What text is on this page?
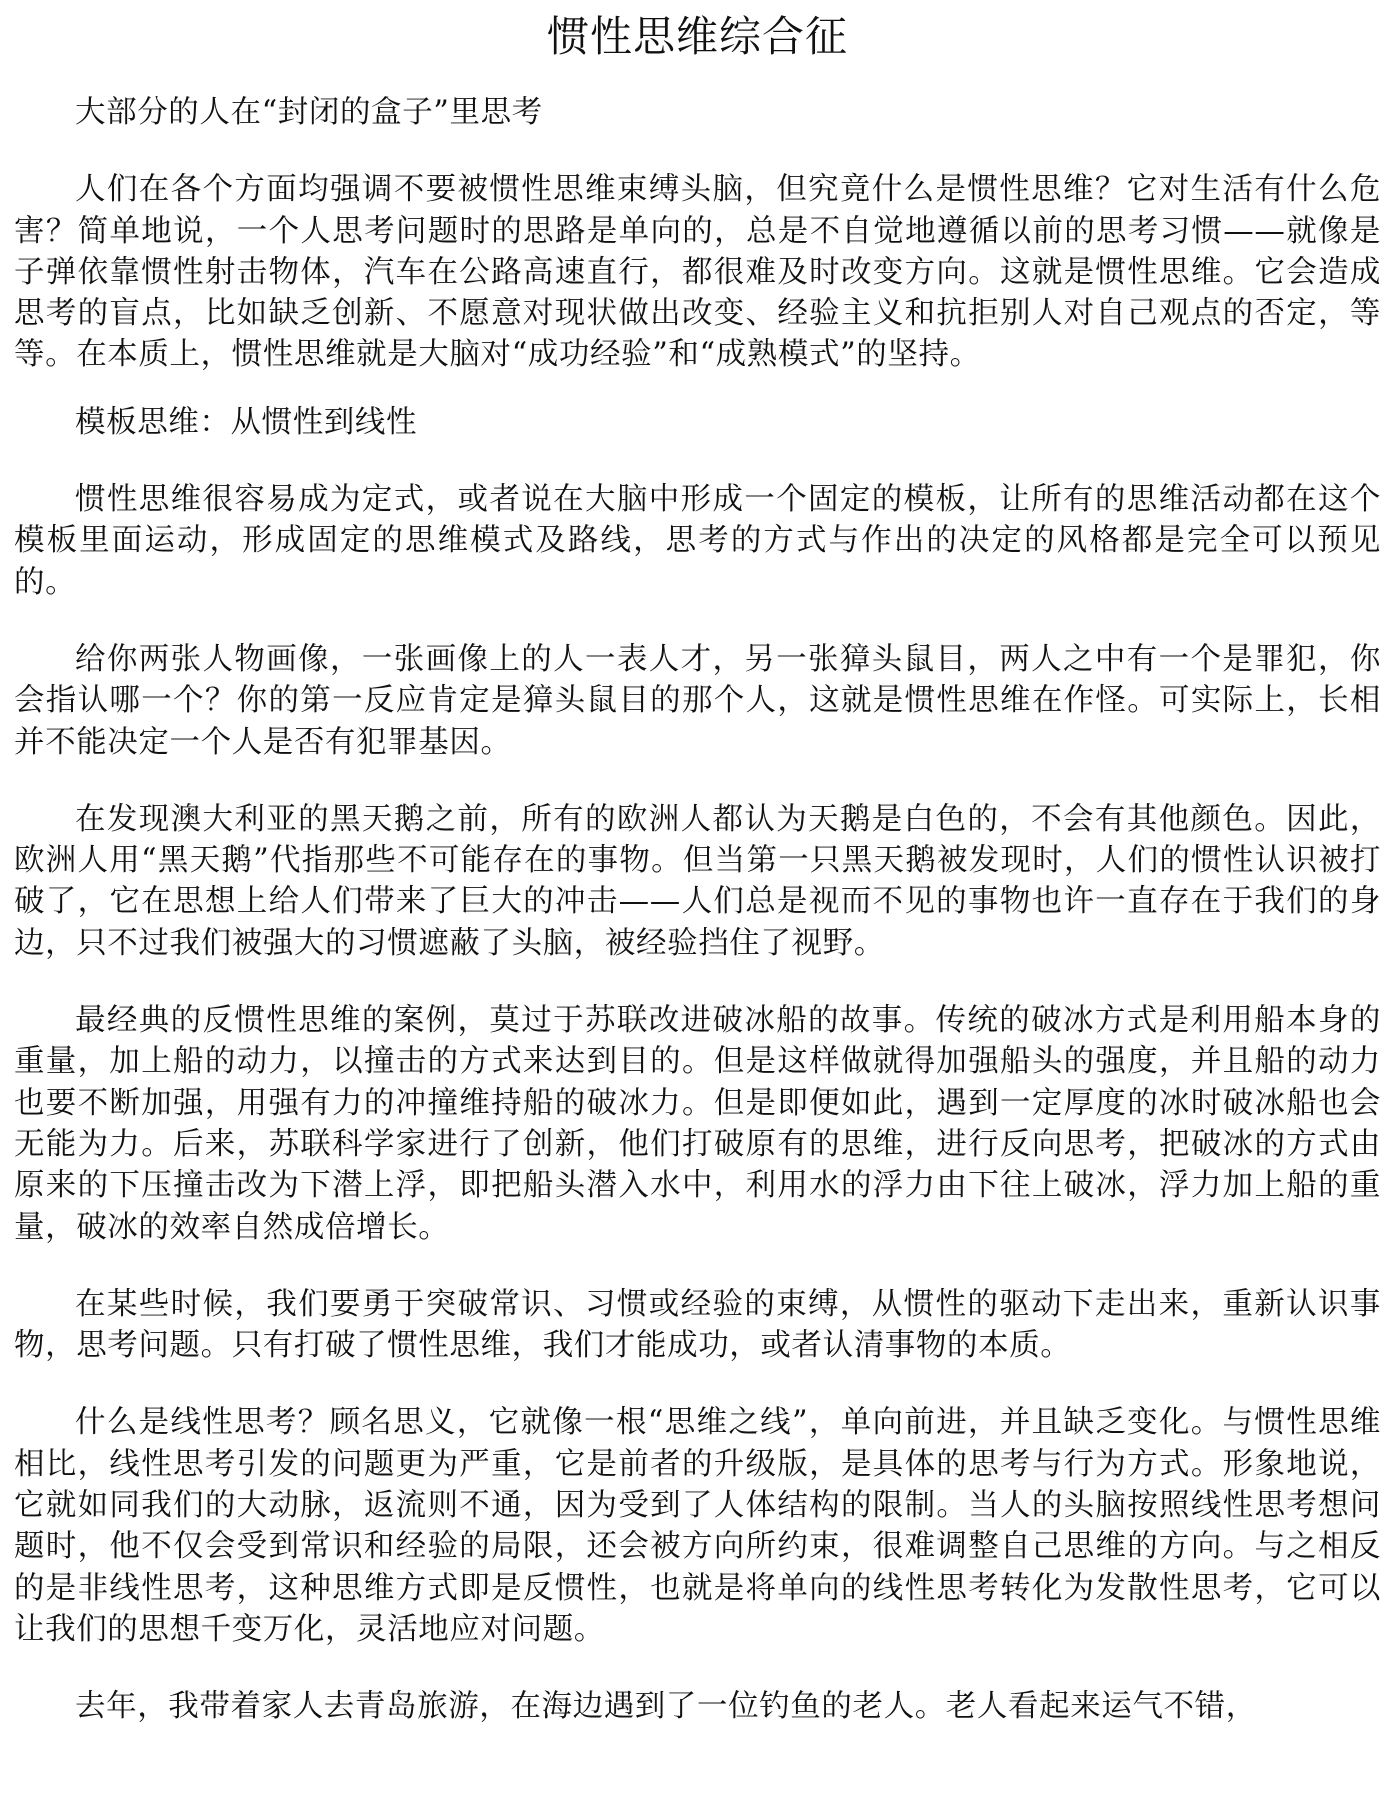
惯性思维综合征

大部分的人在“封闭的盒子”里思考

人们在各个方面均强调不要被惯性思维束缚头脑，但究竟什么是惯性思维？它对生活有什么危害？简单地说，一个人思考问题时的思路是单向的，总是不自觉地遵循以前的思考习惯——就像是子弹依靠惯性射击物体，汽车在公路高速直行，都很难及时改变方向。这就是惯性思维。它会造成思考的盲点，比如缺乏创新、不愿意对现状做出改变、经验主义和抗拒别人对自己观点的否定，等等。在本质上，惯性思维就是大脑对“成功经验”和“成熟模式”的坚持。

模板思维：从惯性到线性

惯性思维很容易成为定式，或者说在大脑中形成一个固定的模板，让所有的思维活动都在这个模板里面运动，形成固定的思维模式及路线，思考的方式与作出的决定的风格都是完全可以预见的。

给你两张人物画像，一张画像上的人一表人才，另一张獐头鼠目，两人之中有一个是罪犯，你会指认哪一个？你的第一反应肯定是獐头鼠目的那个人，这就是惯性思维在作怪。可实际上，长相并不能决定一个人是否有犯罪基因。

在发现澳大利亚的黑天鹅之前，所有的欧洲人都认为天鹅是白色的，不会有其他颜色。因此，欧洲人用“黑天鹅”代指那些不可能存在的事物。但当第一只黑天鹅被发现时，人们的惯性认识被打破了，它在思想上给人们带来了巨大的冲击——人们总是视而不见的事物也许一直存在于我们的身边，只不过我们被强大的习惯遮蔽了头脑，被经验挡住了视野。

最经典的反惯性思维的案例，莫过于苏联改进破冰船的故事。传统的破冰方式是利用船本身的重量，加上船的动力，以撞击的方式来达到目的。但是这样做就得加强船头的强度，并且船的动力也要不断加强，用强有力的冲撞维持船的破冰力。但是即便如此，遇到一定厚度的冰时破冰船也会无能为力。后来，苏联科学家进行了创新，他们打破原有的思维，进行反向思考，把破冰的方式由原来的下压撞击改为下潜上浮，即把船头潜入水中，利用水的浮力由下往上破冰，浮力加上船的重量，破冰的效率自然成倍增长。

在某些时候，我们要勇于突破常识、习惯或经验的束缚，从惯性的驱动下走出来，重新认识事物，思考问题。只有打破了惯性思维，我们才能成功，或者认清事物的本质。

什么是线性思考？顾名思义，它就像一根“思维之线”，单向前进，并且缺乏变化。与惯性思维相比，线性思考引发的问题更为严重，它是前者的升级版，是具体的思考与行为方式。形象地说，它就如同我们的大动脉，返流则不通，因为受到了人体结构的限制。当人的头脑按照线性思考想问题时，他不仅会受到常识和经验的局限，还会被方向所约束，很难调整自己思维的方向。与之相反的是非线性思考，这种思维方式即是反惯性，也就是将单向的线性思考转化为发散性思考，它可以让我们的思想千变万化，灵活地应对问题。

去年，我带着家人去青岛旅游，在海边遇到了一位钓鱼的老人。老人看起来运气不错，
